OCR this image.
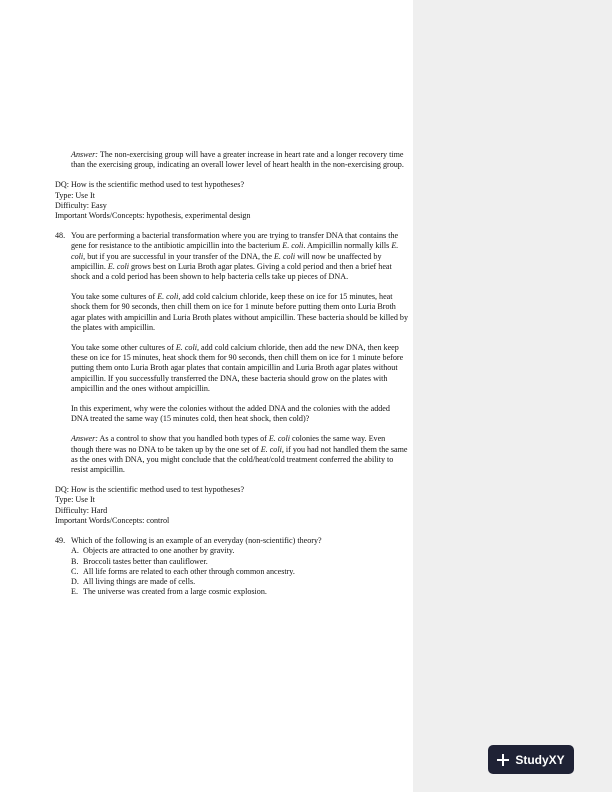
Answer: The non-exercising group will have a greater increase in heart rate and a longer recovery time than the exercising group, indicating an overall lower level of heart health in the non-exercising group.

DQ: How is the scientific method used to test hypotheses?

Type: Use It

Difficulty: Easy

Important Words/Concepts: hypothesis, experimental design

48. You are performing a bacterial transformation where you are trying to transfer DNA that contains the gene for resistance to the antibiotic ampicillin into the bacterium E. coli. Ampicillin normally kills E. coli, but if you are successful in your transfer of the DNA, the E. coli will now be unaffected by ampicillin. E. coli grows best on Luria Broth agar plates. Giving a cold period and then a brief heat shock and a cold period has been shown to help bacteria cells take up pieces of DNA.

You take some cultures of E. coli, add cold calcium chloride, keep these on ice for 15 minutes, heat shock them for 90 seconds, then chill them on ice for 1 minute before putting them onto Luria Broth agar plates with ampicillin and Luria Broth plates without ampicillin. These bacteria should be killed by the plates with ampicillin.

You take some other cultures of E. coli, add cold calcium chloride, then add the new DNA, then keep these on ice for 15 minutes, heat shock them for 90 seconds, then chill them on ice for 1 minute before putting them onto Luria Broth agar plates that contain ampicillin and Luria Broth agar plates without ampicillin. If you successfully transferred the DNA, these bacteria should grow on the plates with ampicillin and the ones without ampicillin.

In this experiment, why were the colonies without the added DNA and the colonies with the added DNA treated the same way (15 minutes cold, then heat shock, then cold)?

Answer: As a control to show that you handled both types of E. coli colonies the same way. Even though there was no DNA to be taken up by the one set of E. coli, if you had not handled them the same as the ones with DNA, you might conclude that the cold/heat/cold treatment conferred the ability to resist ampicillin.

DQ: How is the scientific method used to test hypotheses?

Type: Use It

Difficulty: Hard

Important Words/Concepts: control

49. Which of the following is an example of an everyday (non-scientific) theory?

A. Objects are attracted to one another by gravity.
B. Broccoli tastes better than cauliflower.
C. All life forms are related to each other through common ancestry.
D. All living things are made of cells.
E. The universe was created from a large cosmic explosion.
StudyXY
